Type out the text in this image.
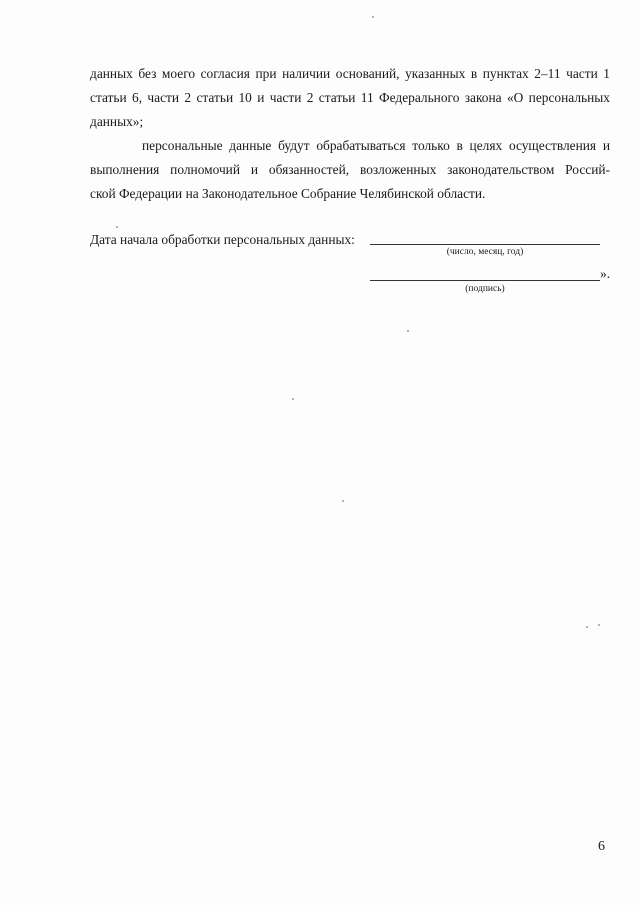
данных без моего согласия при наличии оснований, указанных в пунктах 2–11 части 1
статьи 6, части 2 статьи 10 и части 2 статьи 11 Федерального закона «О персональных
данных»;
персональные данные будут обрабатываться только в целях осуществления и
выполнения полномочий и обязанностей, возложенных законодательством Россий-
ской Федерации на Законодательное Собрание Челябинской области.
Дата начала обработки персональных данных:
(число, месяц, год)
».
(подпись)
6
